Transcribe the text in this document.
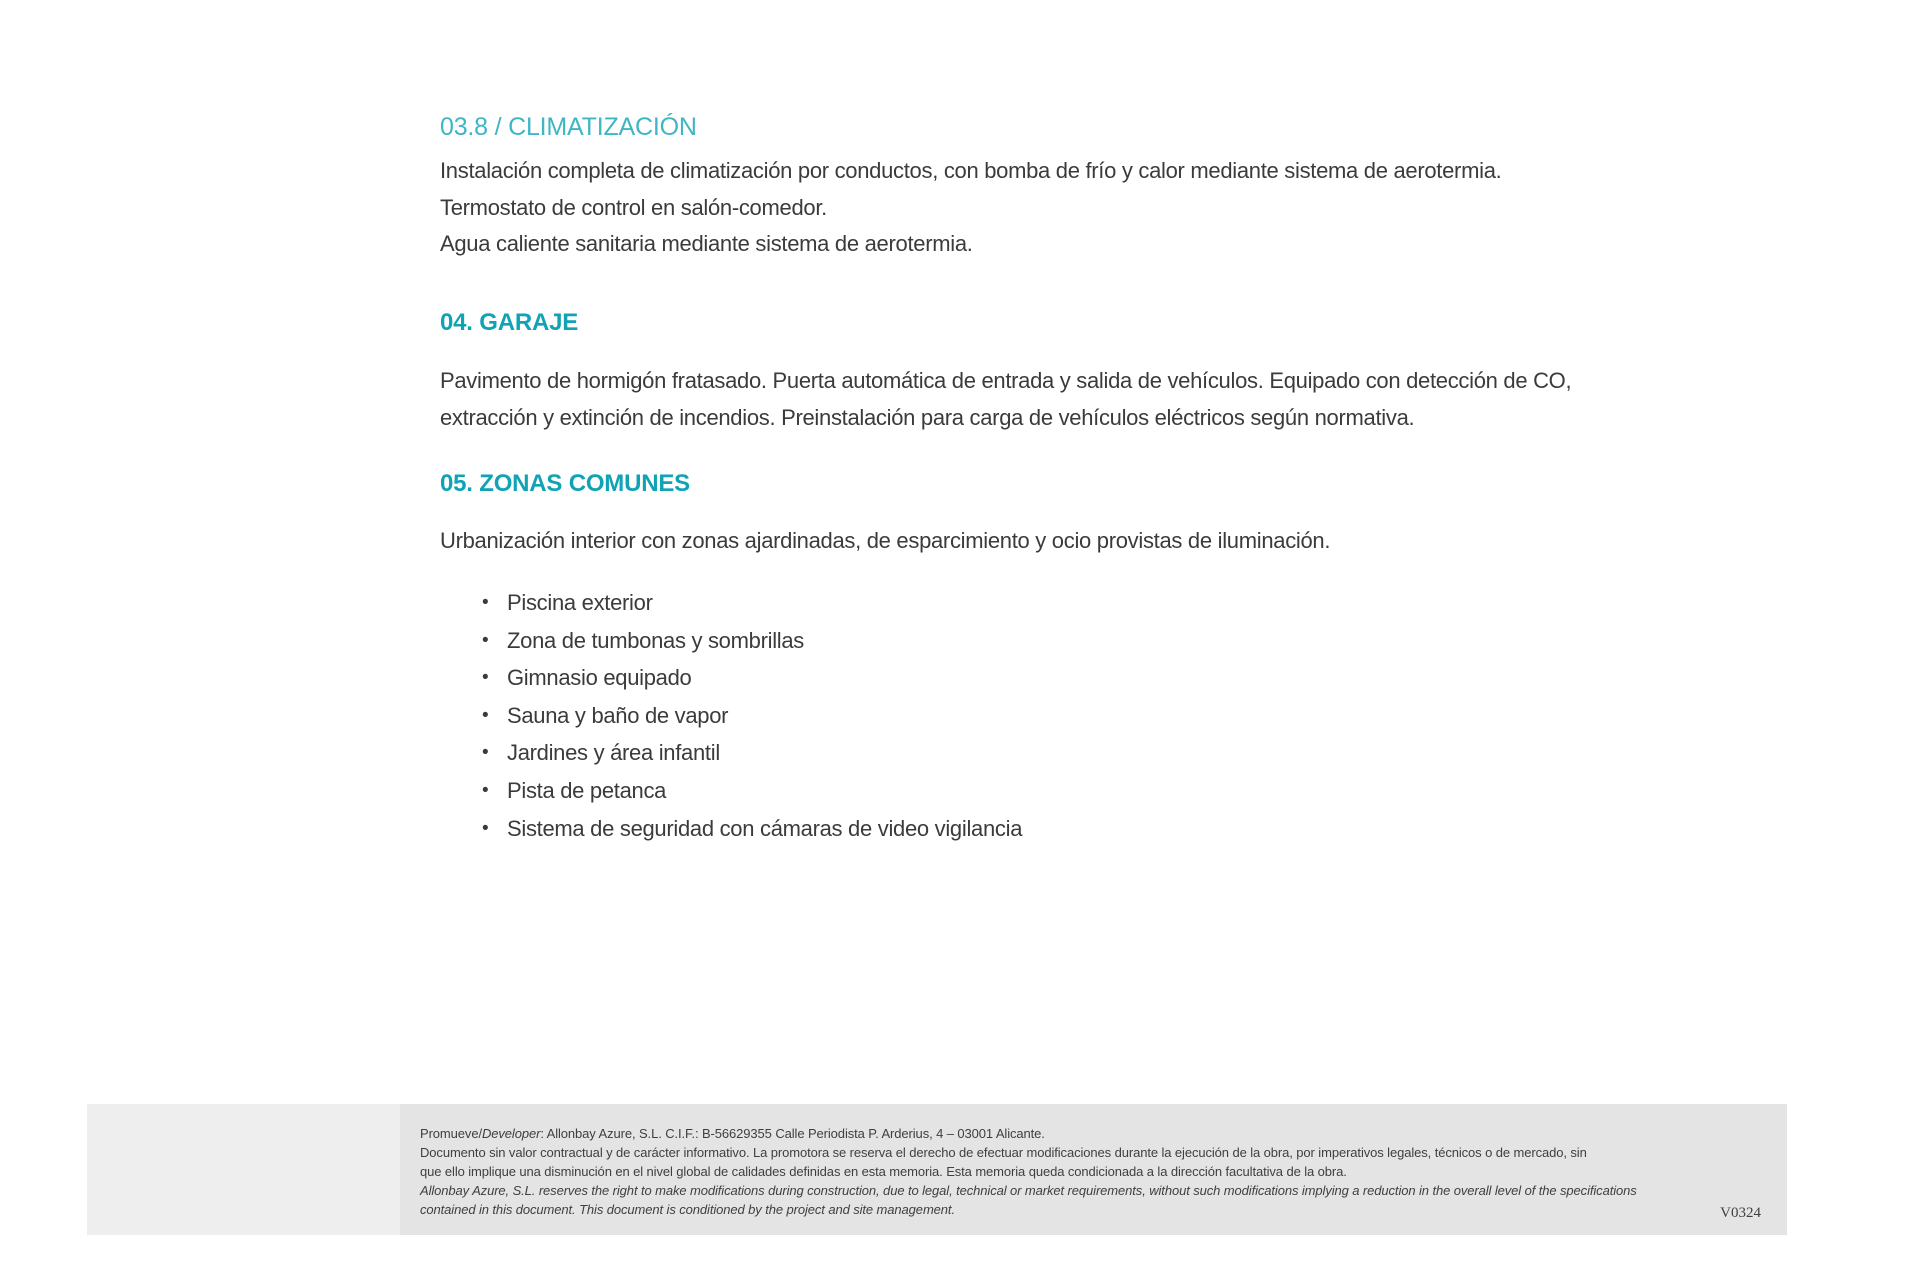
03.8 / CLIMATIZACIÓN
Instalación completa de climatización por conductos, con bomba de frío y calor mediante sistema de aerotermia. Termostato de control en salón-comedor.
Agua caliente sanitaria mediante sistema de aerotermia.
04. GARAJE
Pavimento de hormigón fratasado. Puerta automática de entrada y salida de vehículos. Equipado con detección de CO, extracción y extinción de incendios. Preinstalación para carga de vehículos eléctricos según normativa.
05. ZONAS COMUNES
Urbanización interior con zonas ajardinadas, de esparcimiento y ocio provistas de iluminación.
• Piscina exterior
• Zona de tumbonas y sombrillas
• Gimnasio equipado
• Sauna y baño de vapor
• Jardines y área infantil
• Pista de petanca
• Sistema de seguridad con cámaras de video vigilancia
Promueve/Developer: Allonbay Azure, S.L. C.I.F.: B-56629355 Calle Periodista P. Arderius, 4 – 03001 Alicante.
Documento sin valor contractual y de carácter informativo. La promotora se reserva el derecho de efectuar modificaciones durante la ejecución de la obra, por imperativos legales, técnicos o de mercado, sin
que ello implique una disminución en el nivel global de calidades definidas en esta memoria. Esta memoria queda condicionada a la dirección facultativa de la obra.
Allonbay Azure, S.L. reserves the right to make modifications during construction, due to legal, technical or market requirements, without such modifications implying a reduction in the overall level of the specifications
contained in this document. This document is conditioned by the project and site management.	V0324
